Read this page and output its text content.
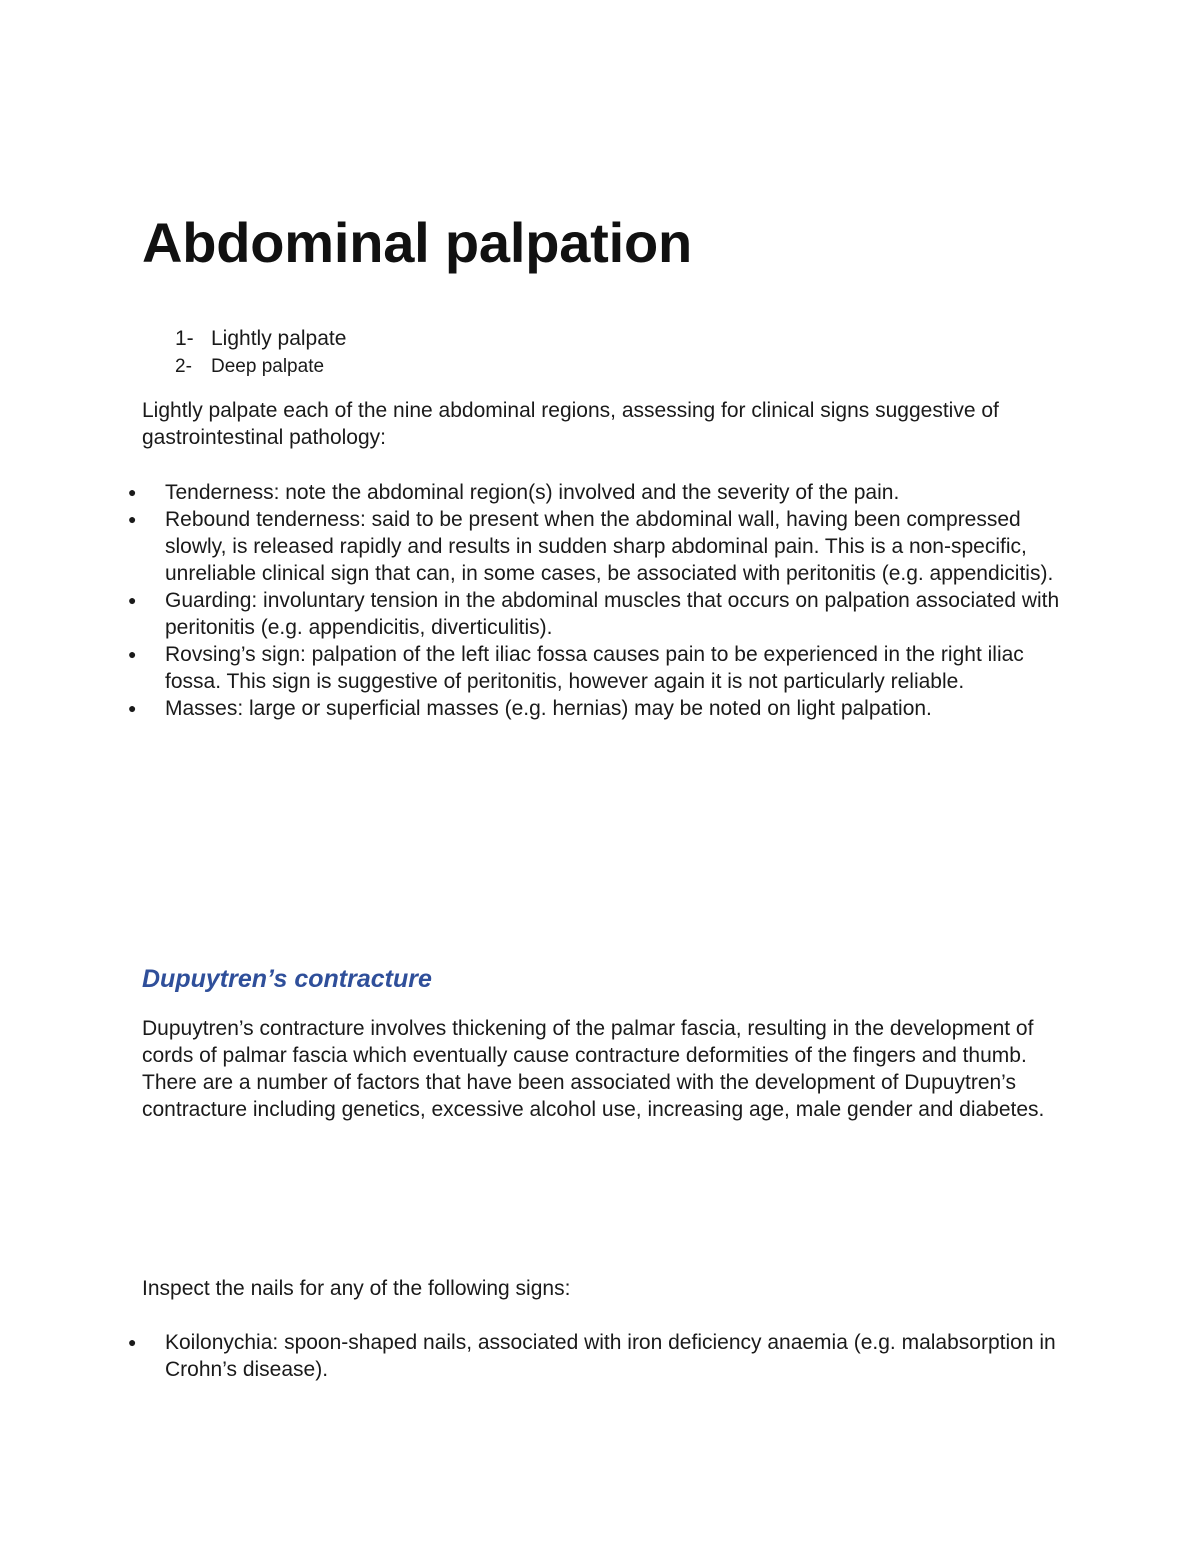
Abdominal palpation
1- Lightly palpate
2-	Deep palpate

Lightly palpate each of the nine abdominal regions, assessing for clinical signs suggestive of gastrointestinal pathology:

●	Tenderness: note the abdominal region(s) involved and the severity of the pain.
●	Rebound tenderness: said to be present when the abdominal wall, having been compressed slowly, is released rapidly and results in sudden sharp abdominal pain. This is a non-specific, unreliable clinical sign that can, in some cases, be associated with peritonitis (e.g. appendicitis).
●	Guarding: involuntary tension in the abdominal muscles that occurs on palpation associated with peritonitis (e.g. appendicitis, diverticulitis).
●	Rovsing’s sign: palpation of the left iliac fossa causes pain to be experienced in the right iliac fossa. This sign is suggestive of peritonitis, however again it is not particularly reliable.
●	Masses: large or superficial masses (e.g. hernias) may be noted on light palpation.
Dupuytren’s contracture

Dupuytren’s contracture involves thickening of the palmar fascia, resulting in the development of cords of palmar fascia which eventually cause contracture deformities of the fingers and thumb. There are a number of factors that have been associated with the development of Dupuytren’s contracture including genetics, excessive alcohol use, increasing age, male gender and diabetes.

Inspect the nails for any of the following signs:

●	Koilonychia: spoon-shaped nails, associated with iron deficiency anaemia (e.g. malabsorption in Crohn’s disease).
